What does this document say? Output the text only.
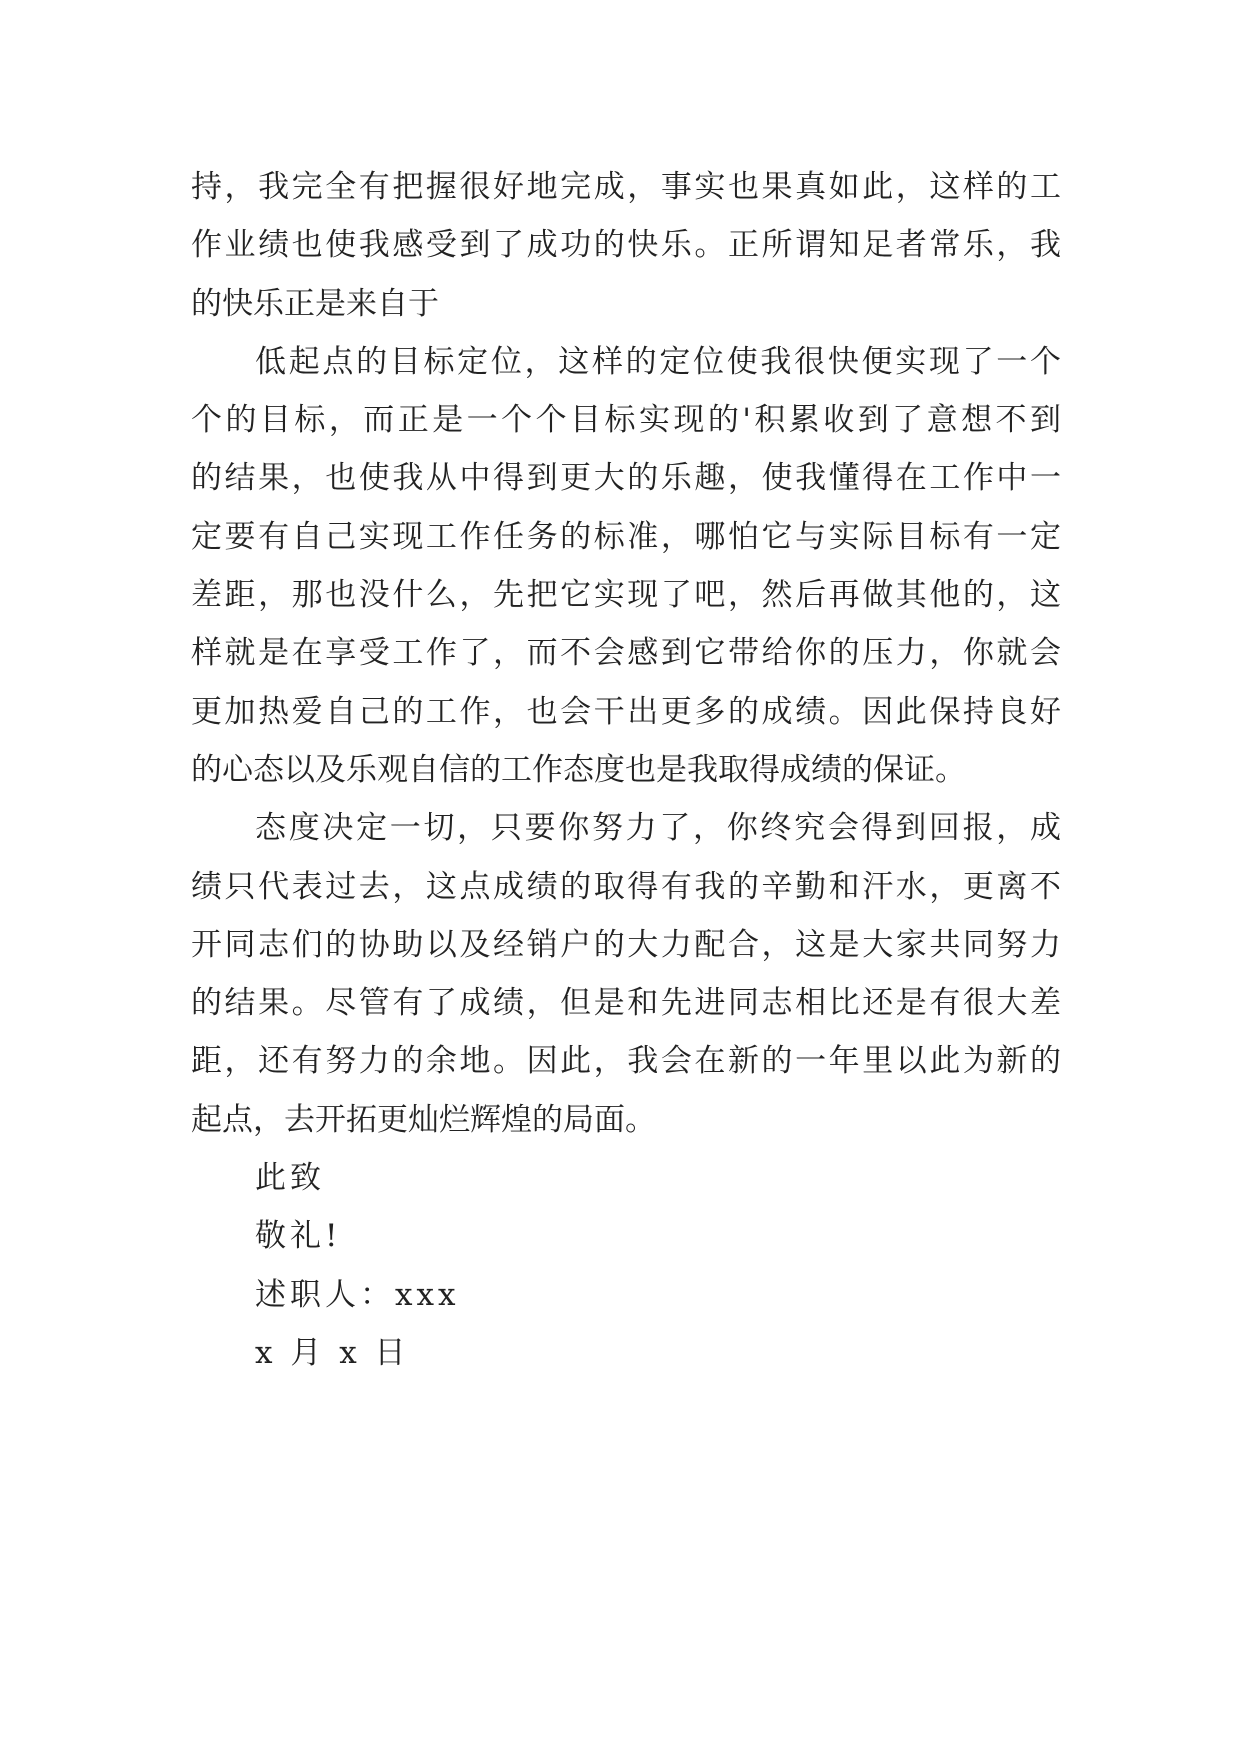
持，我完全有把握很好地完成，事实也果真如此，这样的工
作业绩也使我感受到了成功的快乐。正所谓知足者常乐，我
的快乐正是来自于
低起点的目标定位，这样的定位使我很快便实现了一个
个的目标，而正是一个个目标实现的'积累收到了意想不到
的结果，也使我从中得到更大的乐趣，使我懂得在工作中一
定要有自己实现工作任务的标准，哪怕它与实际目标有一定
差距，那也没什么，先把它实现了吧，然后再做其他的，这
样就是在享受工作了，而不会感到它带给你的压力，你就会
更加热爱自己的工作，也会干出更多的成绩。因此保持良好
的心态以及乐观自信的工作态度也是我取得成绩的保证。
态度决定一切，只要你努力了，你终究会得到回报，成
绩只代表过去，这点成绩的取得有我的辛勤和汗水，更离不
开同志们的协助以及经销户的大力配合，这是大家共同努力
的结果。尽管有了成绩，但是和先进同志相比还是有很大差
距，还有努力的余地。因此，我会在新的一年里以此为新的
起点，去开拓更灿烂辉煌的局面。
此致
敬礼!
述职人：xxx
x 月 x 日
